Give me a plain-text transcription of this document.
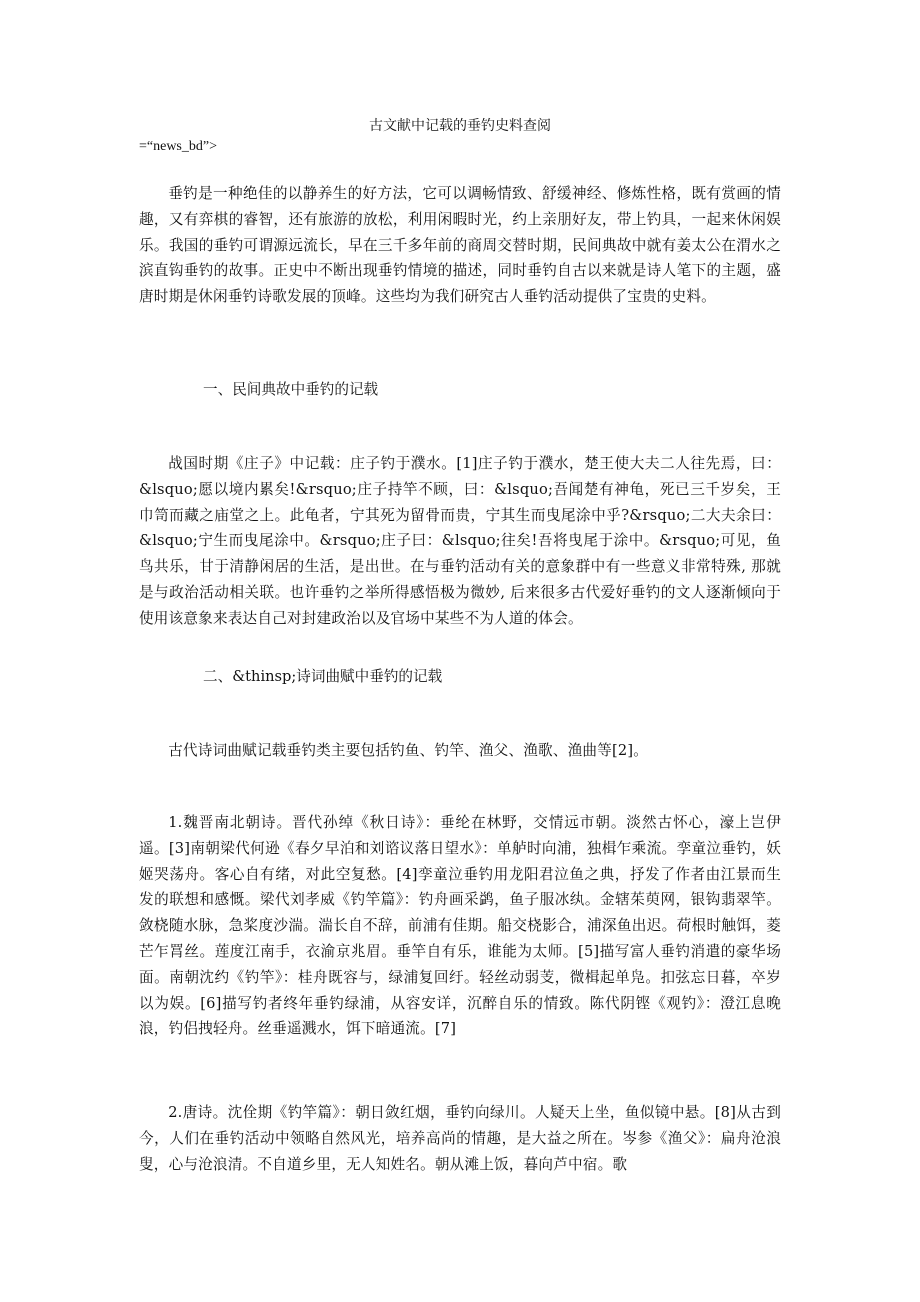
古文献中记载的垂钓史料查阅
=“news_bd”>

垂钓是一种绝佳的以静养生的好方法，它可以调畅情致、舒缓神经、修炼性格，既有赏画的情趣，又有弈棋的睿智，还有旅游的放松，利用闲暇时光，约上亲朋好友，带上钓具，一起来休闲娱乐。我国的垂钓可谓源远流长，早在三千多年前的商周交替时期，民间典故中就有姜太公在渭水之滨直钩垂钓的故事。正史中不断出现垂钓情境的描述，同时垂钓自古以来就是诗人笔下的主题，盛唐时期是休闲垂钓诗歌发展的顶峰。这些均为我们研究古人垂钓活动提供了宝贵的史料。

一、民间典故中垂钓的记载

战国时期《庄子》中记载：庄子钓于濮水。[1]庄子钓于濮水，楚王使大夫二人往先焉，曰：&lsquo;愿以境内累矣!&rsquo;庄子持竿不顾，曰：&lsquo;吾闻楚有神龟，死已三千岁矣，王巾笥而藏之庙堂之上。此龟者，宁其死为留骨而贵，宁其生而曳尾涂中乎?&rsquo;二大夫余曰：&lsquo;宁生而曳尾涂中。&rsquo;庄子曰：&lsquo;往矣!吾将曳尾于涂中。&rsquo;可见，鱼鸟共乐，甘于清静闲居的生活，是出世。在与垂钓活动有关的意象群中有一些意义非常特殊, 那就是与政治活动相关联。也许垂钓之举所得感悟极为微妙, 后来很多古代爱好垂钓的文人逐渐倾向于使用该意象来表达自己对封建政治以及官场中某些不为人道的体会。

二、&thinsp;诗词曲赋中垂钓的记载

古代诗词曲赋记载垂钓类主要包括钓鱼、钓竿、渔父、渔歌、渔曲等[2]。

1.魏晋南北朝诗。晋代孙绰《秋日诗》：垂纶在林野，交情远市朝。淡然古怀心，濠上岂伊遥。[3]南朝梁代何逊《春夕早泊和刘谘议落日望水》：单舻时向浦，独楫乍乘流。孪童泣垂钓，妖姬哭荡舟。客心自有绪，对此空复愁。[4]孪童泣垂钓用龙阳君泣鱼之典，抒发了作者由江景而生发的联想和感慨。梁代刘孝威《钓竿篇》：钓舟画采鹢，鱼子服冰纨。金辖茱萸网，银钩翡翠竿。敛桡随水脉，急桨度沙湍。湍长自不辞，前浦有佳期。船交桡影合，浦深鱼出迟。荷根时触饵，菱芒乍罥丝。莲度江南手，衣渝京兆眉。垂竿自有乐，谁能为太师。[5]描写富人垂钓消遣的豪华场面。南朝沈约《钓竿》：桂舟既容与，绿浦复回纡。轻丝动弱芰，微楫起单凫。扣弦忘日暮，卒岁以为娱。[6]描写钓者终年垂钓绿浦，从容安详，沉醉自乐的情致。陈代阴铿《观钓》：澄江息晚浪，钓侣拽轻舟。丝垂遥溅水，饵下暗通流。[7]

2.唐诗。沈佺期《钓竿篇》：朝日敛红烟，垂钓向绿川。人疑天上坐，鱼似镜中悬。[8]从古到今，人们在垂钓活动中领略自然风光，培养高尚的情趣，是大益之所在。岑参《渔父》：扁舟沧浪叟，心与沧浪清。不自道乡里，无人知姓名。朝从滩上饭，暮向芦中宿。歌
